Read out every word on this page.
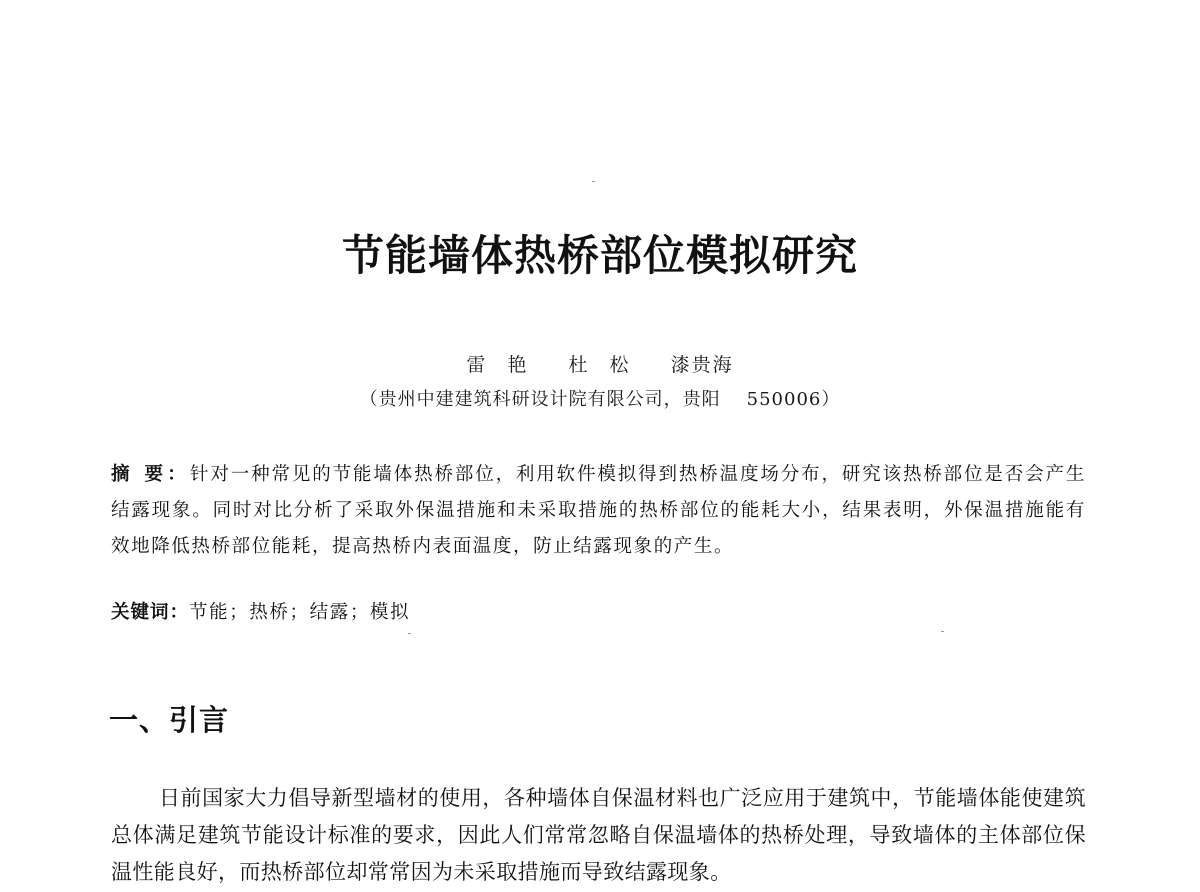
节能墙体热桥部位模拟研究
雷 艳 杜 松 漆贵海
（贵州中建建筑科研设计院有限公司，贵阳 550006）
摘 要：针对一种常见的节能墙体热桥部位，利用软件模拟得到热桥温度场分布，研究该热桥部位是否会产生结露现象。同时对比分析了采取外保温措施和未采取措施的热桥部位的能耗大小，结果表明，外保温措施能有效地降低热桥部位能耗，提高热桥内表面温度，防止结露现象的产生。
关键词：节能；热桥；结露；模拟
一、引言
日前国家大力倡导新型墙材的使用，各种墙体自保温材料也广泛应用于建筑中，节能墙体能使建筑总体满足建筑节能设计标准的要求，因此人们常常忽略自保温墙体的热桥处理，导致墙体的主体部位保温性能良好，而热桥部位却常常因为未采取措施而导致结露现象。
